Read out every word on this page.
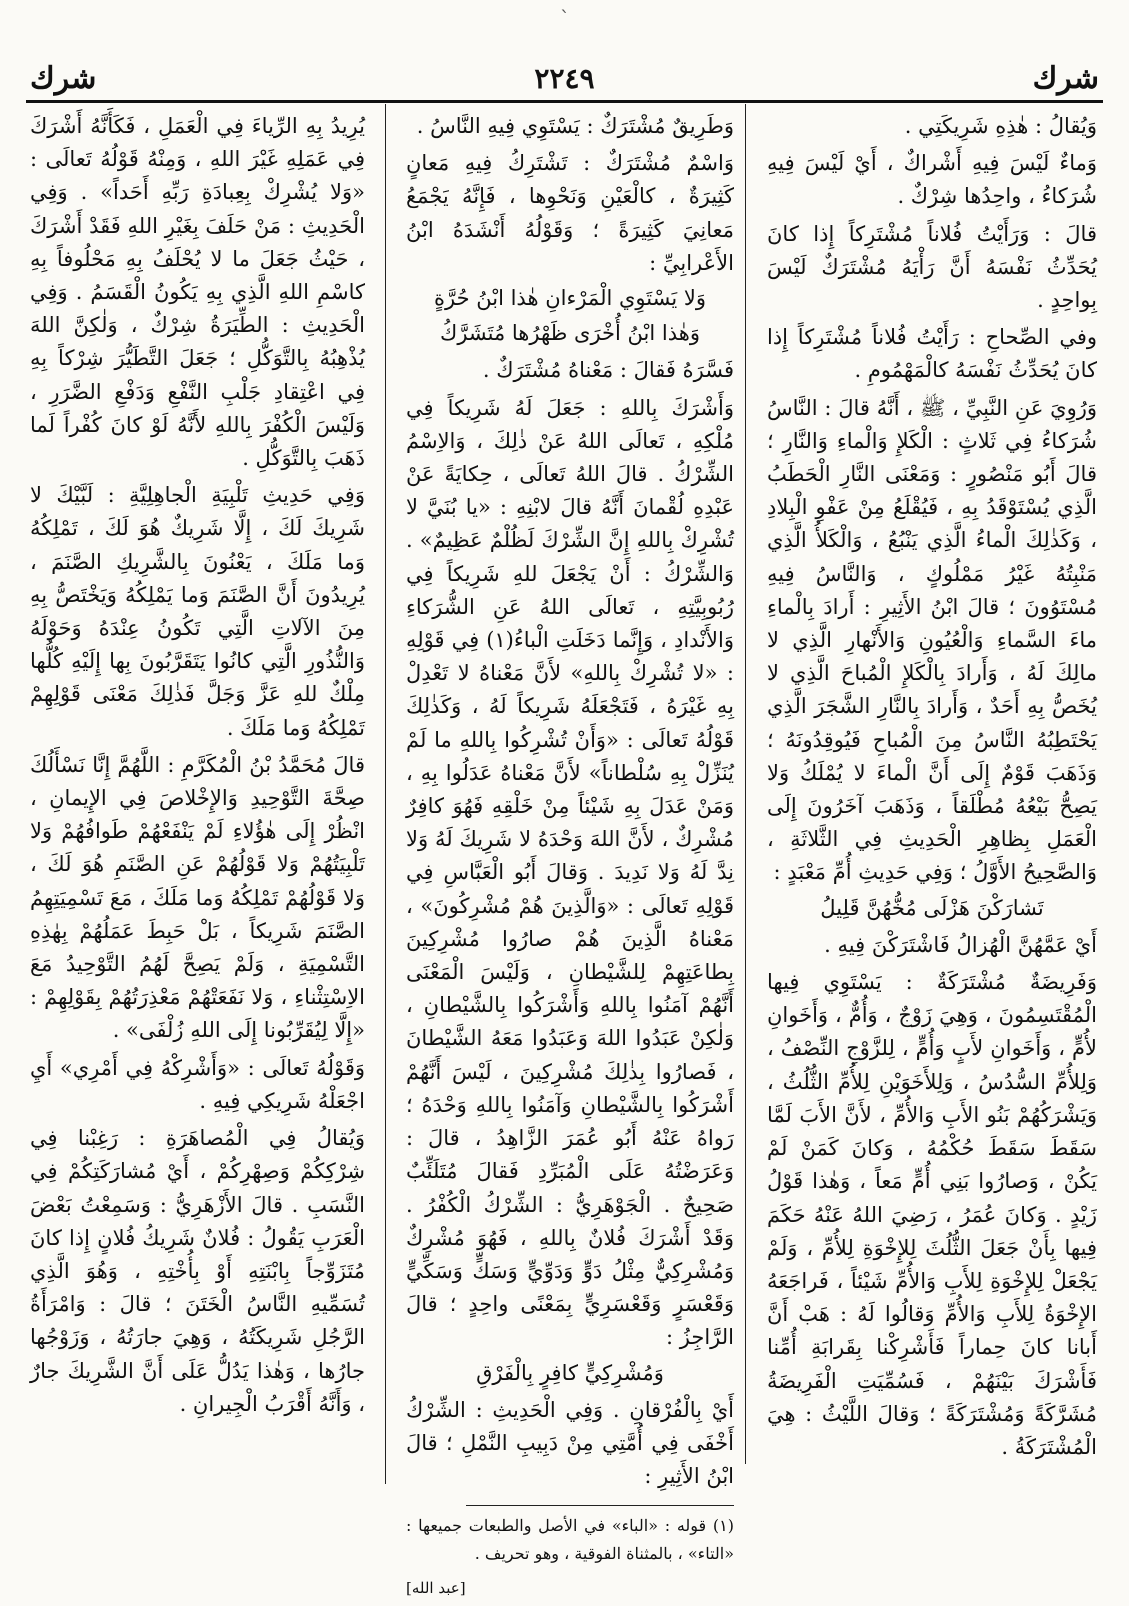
ˋ
شرك	٢٢٤٩	شرك

وَيُقالُ : هٰذِهِ شَرِيكَتِي .

وَماءٌ لَيْسَ فِيهِ أَشْراكٌ ، أَيْ لَيْسَ فِيهِ شُرَكاءُ ، واحِدُها شِرْكٌ .

قالَ : وَرَأَيْتُ فُلاناً مُشْتَرِكاً إِذا كانَ يُحَدِّثُ نَفْسَهُ أَنَّ رَأْيَهُ مُشْتَرَكٌ لَيْسَ بِواحِدٍ .

وفي الصِّحاحِ : رَأَيْتُ فُلاناً مُشْتَرِكاً إِذا كانَ يُحَدِّثُ نَفْسَهُ كالْمَهْمُومِ .

وَرُوِيَ عَنِ النَّبِيِّ ، ﷺ ، أَنَّهُ قالَ : النَّاسُ شُرَكاءُ فِي ثَلاثٍ : الْكَلإِ وَالْماءِ وَالنَّارِ ؛ قالَ أَبُو مَنْصُورٍ : وَمَعْنَى النَّارِ الْحَطَبُ الَّذِي يُسْتَوْقَدُ بِهِ ، فَيُقْلَعُ مِنْ عَفْوِ الْبِلادِ ، وَكَذٰلِكَ الْماءُ الَّذِي يَنْبُعُ ، وَالْكَلأُ الَّذِي مَنْبِتُهُ غَيْرُ مَمْلُوكٍ ، وَالنَّاسُ فِيهِ مُسْتَوُونَ ؛ قالَ ابْنُ الأَثِيرِ : أَرادَ بِالْماءِ ماءَ السَّماءِ وَالْعُيُونِ وَالأَنْهارِ الَّذِي لا مالِكَ لَهُ ، وَأَرادَ بِالْكَلإِ الْمُباحَ الَّذِي لا يُخَصُّ بِهِ أَحَدٌ ، وَأَرادَ بِالنَّارِ الشَّجَرَ الَّذِي يَحْتَطِبُهُ النَّاسُ مِنَ الْمُباحِ فَيُوقِدُونَهُ ؛ وَذَهَبَ قَوْمٌ إِلَى أَنَّ الْماءَ لا يُمْلَكُ وَلا يَصِحُّ بَيْعُهُ مُطْلَقاً ، وَذَهَبَ آخَرُونَ إِلَى الْعَمَلِ بِظاهِرِ الْحَدِيثِ فِي الثَّلاثَةِ ، وَالصَّحِيحُ الأَوَّلُ ؛ وَفِي حَدِيثِ أُمِّ مَعْبَدٍ :

تَشارَكْنَ هَزْلَى مُخُّهُنَّ قَلِيلُ

أَيْ عَمَّهُنَّ الْهُزالُ فَاشْتَرَكْنَ فِيهِ .

وَفَرِيضَةٌ مُشْتَرَكَةٌ : يَسْتَوِي فِيها الْمُقْتَسِمُونَ ، وَهِيَ زَوْجٌ ، وَأُمٌّ ، وَأَخَوانِ لأُمٍّ ، وَأَخَوانِ لأَبٍ وَأُمٍّ ، لِلزَّوْجِ النِّصْفُ ، وَلِلأُمِّ السُّدُسُ ، وَلِلأَخَوَيْنِ لِلأُمِّ الثُّلُثُ ، وَيَشْرَكُهُمْ بَنُو الأَبِ وَالأُمِّ ، لأَنَّ الأَبَ لَمَّا سَقَطَ سَقَطَ حُكْمُهُ ، وَكانَ كَمَنْ لَمْ يَكُنْ ، وَصارُوا بَنِي أُمٍّ مَعاً ، وَهٰذا قَوْلُ زَيْدٍ . وَكانَ عُمَرُ ، رَضِيَ اللهُ عَنْهُ حَكَمَ فِيها بِأَنْ جَعَلَ الثُّلُثَ لِلإِخْوَةِ لِلأُمِّ ، وَلَمْ يَجْعَلْ لِلإِخْوَةِ لِلأَبِ وَالأُمِّ شَيْئاً ، فَراجَعَهُ الإِخْوَةُ لِلأَبِ وَالأُمِّ وَقالُوا لَهُ : هَبْ أَنَّ أَبانا كانَ حِماراً فَأَشْرِكْنا بِقَرابَةِ أُمِّنا فَأَشْرَكَ بَيْنَهُمْ ، فَسُمِّيَتِ الْفَرِيضَةُ مُشَرَّكَةً وَمُشْتَرَكَةً ؛ وَقالَ اللَّيْثُ : هِيَ الْمُشْتَرَكَةُ .

وَطَرِيقٌ مُشْتَرَكٌ : يَسْتَوِي فِيهِ النَّاسُ .

وَاسْمٌ مُشْتَرَكٌ : تَشْتَرِكُ فِيهِ مَعانٍ كَثِيرَةٌ ، كالْعَيْنِ وَنَحْوِها ، فَإِنَّهُ يَجْمَعُ مَعانِيَ كَثِيرَةً ؛ وَقَوْلُهُ أَنْشَدَهُ ابْنُ الأَعْرابِيِّ :

وَلا يَسْتَوِي الْمَرْءانِ هٰذا ابْنُ حُرَّةٍ

وَهٰذا ابْنُ أُخْرَى ظَهْرُها مُتَشَرَّكُ

فَسَّرَهُ فَقالَ : مَعْناهُ مُشْتَرَكٌ .

وَأَشْرَكَ بِاللهِ : جَعَلَ لَهُ شَرِيكاً فِي مُلْكِهِ ، تَعالَى اللهُ عَنْ ذٰلِكَ ، وَالاِسْمُ الشِّرْكُ . قالَ اللهُ تَعالَى ، حِكايَةً عَنْ عَبْدِهِ لُقْمانَ أَنَّهُ قالَ لابْنِهِ : «يا بُنَيَّ لا تُشْرِكْ بِاللهِ إِنَّ الشِّرْكَ لَظُلْمٌ عَظِيمٌ» . وَالشِّرْكُ : أَنْ يَجْعَلَ للهِ شَرِيكاً فِي رُبُوبِيَّتِهِ ، تَعالَى اللهُ عَنِ الشُّرَكاءِ وَالأَنْدادِ ، وَإِنَّما دَخَلَتِ الْباءُ(١) فِي قَوْلِهِ : «لا تُشْرِكْ بِاللهِ» لأَنَّ مَعْناهُ لا تَعْدِلْ بِهِ غَيْرَهُ ، فَتَجْعَلَهُ شَرِيكاً لَهُ ، وَكَذٰلِكَ قَوْلُهُ تَعالَى : «وَأَنْ تُشْرِكُوا بِاللهِ ما لَمْ يُنَزِّلْ بِهِ سُلْطاناً» لأَنَّ مَعْناهُ عَدَلُوا بِهِ ، وَمَنْ عَدَلَ بِهِ شَيْئاً مِنْ خَلْقِهِ فَهُوَ كافِرٌ مُشْرِكٌ ، لأَنَّ اللهَ وَحْدَهُ لا شَرِيكَ لَهُ وَلا نِدَّ لَهُ وَلا نَدِيدَ . وَقالَ أَبُو الْعَبَّاسِ فِي قَوْلِهِ تَعالَى : «وَالَّذِينَ هُمْ مُشْرِكُونَ» ، مَعْناهُ الَّذِينَ هُمْ صارُوا مُشْرِكِينَ بِطاعَتِهِمْ لِلشَّيْطانِ ، وَلَيْسَ الْمَعْنَى أَنَّهُمْ آمَنُوا بِاللهِ وَأَشْرَكُوا بِالشَّيْطانِ ، وَلٰكِنْ عَبَدُوا اللهَ وَعَبَدُوا مَعَهُ الشَّيْطانَ ، فَصارُوا بِذٰلِكَ مُشْرِكِينَ ، لَيْسَ أَنَّهُمْ أَشْرَكُوا بِالشَّيْطانِ وَآمَنُوا بِاللهِ وَحْدَهُ ؛ رَواهُ عَنْهُ أَبُو عُمَرَ الزَّاهِدُ ، قالَ : وَعَرَضْتُهُ عَلَى الْمُبَرِّدِ فَقالَ مُتَلَئِّبٌ صَحِيحٌ . الْجَوْهَرِيُّ : الشِّرْكُ الْكُفْرُ . وَقَدْ أَشْرَكَ فُلانٌ بِاللهِ ، فَهُوَ مُشْرِكٌ وَمُشْرِكِيٌّ مِثْلُ دَوٍّ وَدَوِّيٍّ وَسَكٍّ وَسَكِّيٍّ وَقَعْسَرٍ وَقَعْسَرِيٍّ بِمَعْنًى واحِدٍ ؛ قالَ الرَّاجِزُ :

وَمُشْرِكِيٍّ كافِرٍ بِالْفَرْقِ

أَيْ بِالْفُرْقانِ . وَفِي الْحَدِيثِ : الشِّرْكُ أَخْفَى فِي أُمَّتِي مِنْ دَبِيبِ النَّمْلِ ؛ قالَ ابْنُ الأَثِيرِ :

(١) قوله : «الباء» في الأصل والطبعات جميعها : «التاء» ، بالمثناة الفوقية ، وهو تحريف .

[عبد الله]

يُرِيدُ بِهِ الرِّياءَ فِي الْعَمَلِ ، فَكَأَنَّهُ أَشْرَكَ فِي عَمَلِهِ غَيْرَ اللهِ ، وَمِنْهُ قَوْلُهُ تَعالَى : «وَلا يُشْرِكْ بِعِبادَةِ رَبِّهِ أَحَداً» . وَفِي الْحَدِيثِ : مَنْ حَلَفَ بِغَيْرِ اللهِ فَقَدْ أَشْرَكَ ، حَيْثُ جَعَلَ ما لا يُحْلَفُ بِهِ مَحْلُوفاً بِهِ كاسْمِ اللهِ الَّذِي بِهِ يَكُونُ الْقَسَمُ . وَفِي الْحَدِيثِ : الطِّيَرَةُ شِرْكٌ ، وَلٰكِنَّ اللهَ يُذْهِبُهُ بِالتَّوَكُّلِ ؛ جَعَلَ التَّطَيُّرَ شِرْكاً بِهِ فِي اعْتِقادِ جَلْبِ النَّفْعِ وَدَفْعِ الضَّرَرِ ، وَلَيْسَ الْكُفْرَ بِاللهِ لأَنَّهُ لَوْ كانَ كُفْراً لَما ذَهَبَ بِالتَّوَكُّلِ .

وَفِي حَدِيثِ تَلْبِيَةِ الْجاهِلِيَّةِ : لَبَّيْكَ لا شَرِيكَ لَكَ ، إِلَّا شَرِيكٌ هُوَ لَكَ ، تَمْلِكُهُ وَما مَلَكَ ، يَعْنُونَ بِالشَّرِيكِ الصَّنَمَ ، يُرِيدُونَ أَنَّ الصَّنَمَ وَما يَمْلِكُهُ وَيَخْتَصُّ بِهِ مِنَ الآلاتِ الَّتِي تَكُونُ عِنْدَهُ وَحَوْلَهُ وَالنُّذُورِ الَّتِي كانُوا يَتَقَرَّبُونَ بِها إِلَيْهِ كُلُّها مِلْكٌ للهِ عَزَّ وَجَلَّ فَذٰلِكَ مَعْنَى قَوْلِهِمْ تَمْلِكُهُ وَما مَلَكَ .

قالَ مُحَمَّدُ بْنُ الْمُكَرَّمِ : اللَّهُمَّ إِنَّا نَسْأَلُكَ صِحَّةَ التَّوْحِيدِ وَالإِخْلاصَ فِي الإِيمانِ ، انْظُرْ إِلَى هٰؤُلاءِ لَمْ يَنْفَعْهُمْ طَوافُهُمْ وَلا تَلْبِيَتُهُمْ وَلا قَوْلُهُمْ عَنِ الصَّنَمِ هُوَ لَكَ ، وَلا قَوْلُهُمْ تَمْلِكُهُ وَما مَلَكَ ، مَعَ تَسْمِيَتِهِمُ الصَّنَمَ شَرِيكاً ، بَلْ حَبِطَ عَمَلُهُمْ بِهٰذِهِ التَّسْمِيَةِ ، وَلَمْ يَصِحَّ لَهُمُ التَّوْحِيدُ مَعَ الاِسْتِثْناءِ ، وَلا نَفَعَتْهُمْ مَعْذِرَتُهُمْ بِقَوْلِهِمْ : «إِلَّا لِيُقَرِّبُونا إِلَى اللهِ زُلْفَى» .

وَقَوْلُهُ تَعالَى : «وَأَشْرِكْهُ فِي أَمْرِي» أَيِ اجْعَلْهُ شَرِيكِي فِيهِ .

وَيُقالُ فِي الْمُصاهَرَةِ : رَغِبْنا فِي شِرْكِكُمْ وَصِهْرِكُمْ ، أَيْ مُشارَكَتِكُمْ فِي النَّسَبِ . قالَ الأَزْهَرِيُّ : وَسَمِعْتُ بَعْضَ الْعَرَبِ يَقُولُ : فُلانٌ شَرِيكُ فُلانٍ إِذا كانَ مُتَزَوِّجاً بِابْنَتِهِ أَوْ بِأُخْتِهِ ، وَهُوَ الَّذِي تُسَمِّيهِ النَّاسُ الْخَتَنَ ؛ قالَ : وَامْرَأَةُ الرَّجُلِ شَرِيكَتُهُ ، وَهِيَ جارَتُهُ ، وَزَوْجُها جارُها ، وَهٰذا يَدُلُّ عَلَى أَنَّ الشَّرِيكَ جارٌ ، وَأَنَّهُ أَقْرَبُ الْجِيرانِ .
